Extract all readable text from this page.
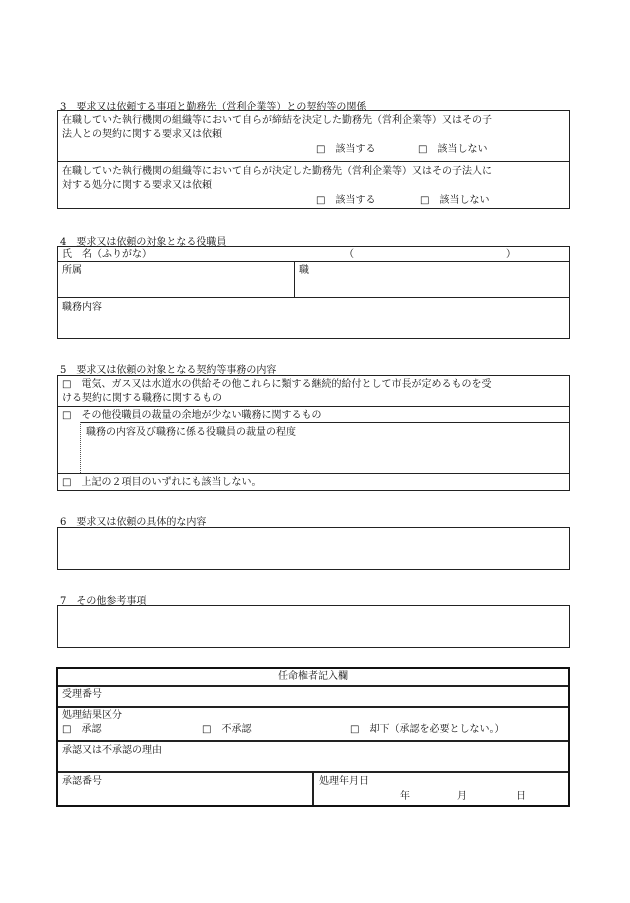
3　要求又は依頼する事項と勤務先（営利企業等）との契約等の関係
在職していた執行機関の組織等において自らが締結を決定した勤務先（営利企業等）又はその子
法人との契約に関する要求又は依頼
□　該当する	□　該当しない
在職していた執行機関の組織等において自らが決定した勤務先（営利企業等）又はその子法人に
対する処分に関する要求又は依頼
□　該当する	□　該当しない
4　要求又は依頼の対象となる役職員
氏　名（ふりがな）	（	）
所属	職
職務内容
5　要求又は依頼の対象となる契約等事務の内容
□　電気、ガス又は水道水の供給その他これらに類する継続的給付として市長が定めるものを受
ける契約に関する職務に関するもの
□　その他役職員の裁量の余地が少ない職務に関するもの
職務の内容及び職務に係る役職員の裁量の程度
□　上記の２項目のいずれにも該当しない。
6　要求又は依頼の具体的な内容
7　その他参考事項
任命権者記入欄
受理番号
処理結果区分
□　承認	□　不承認	□　却下（承認を必要としない。）
承認又は不承認の理由
承認番号	処理年月日
年	月	日
